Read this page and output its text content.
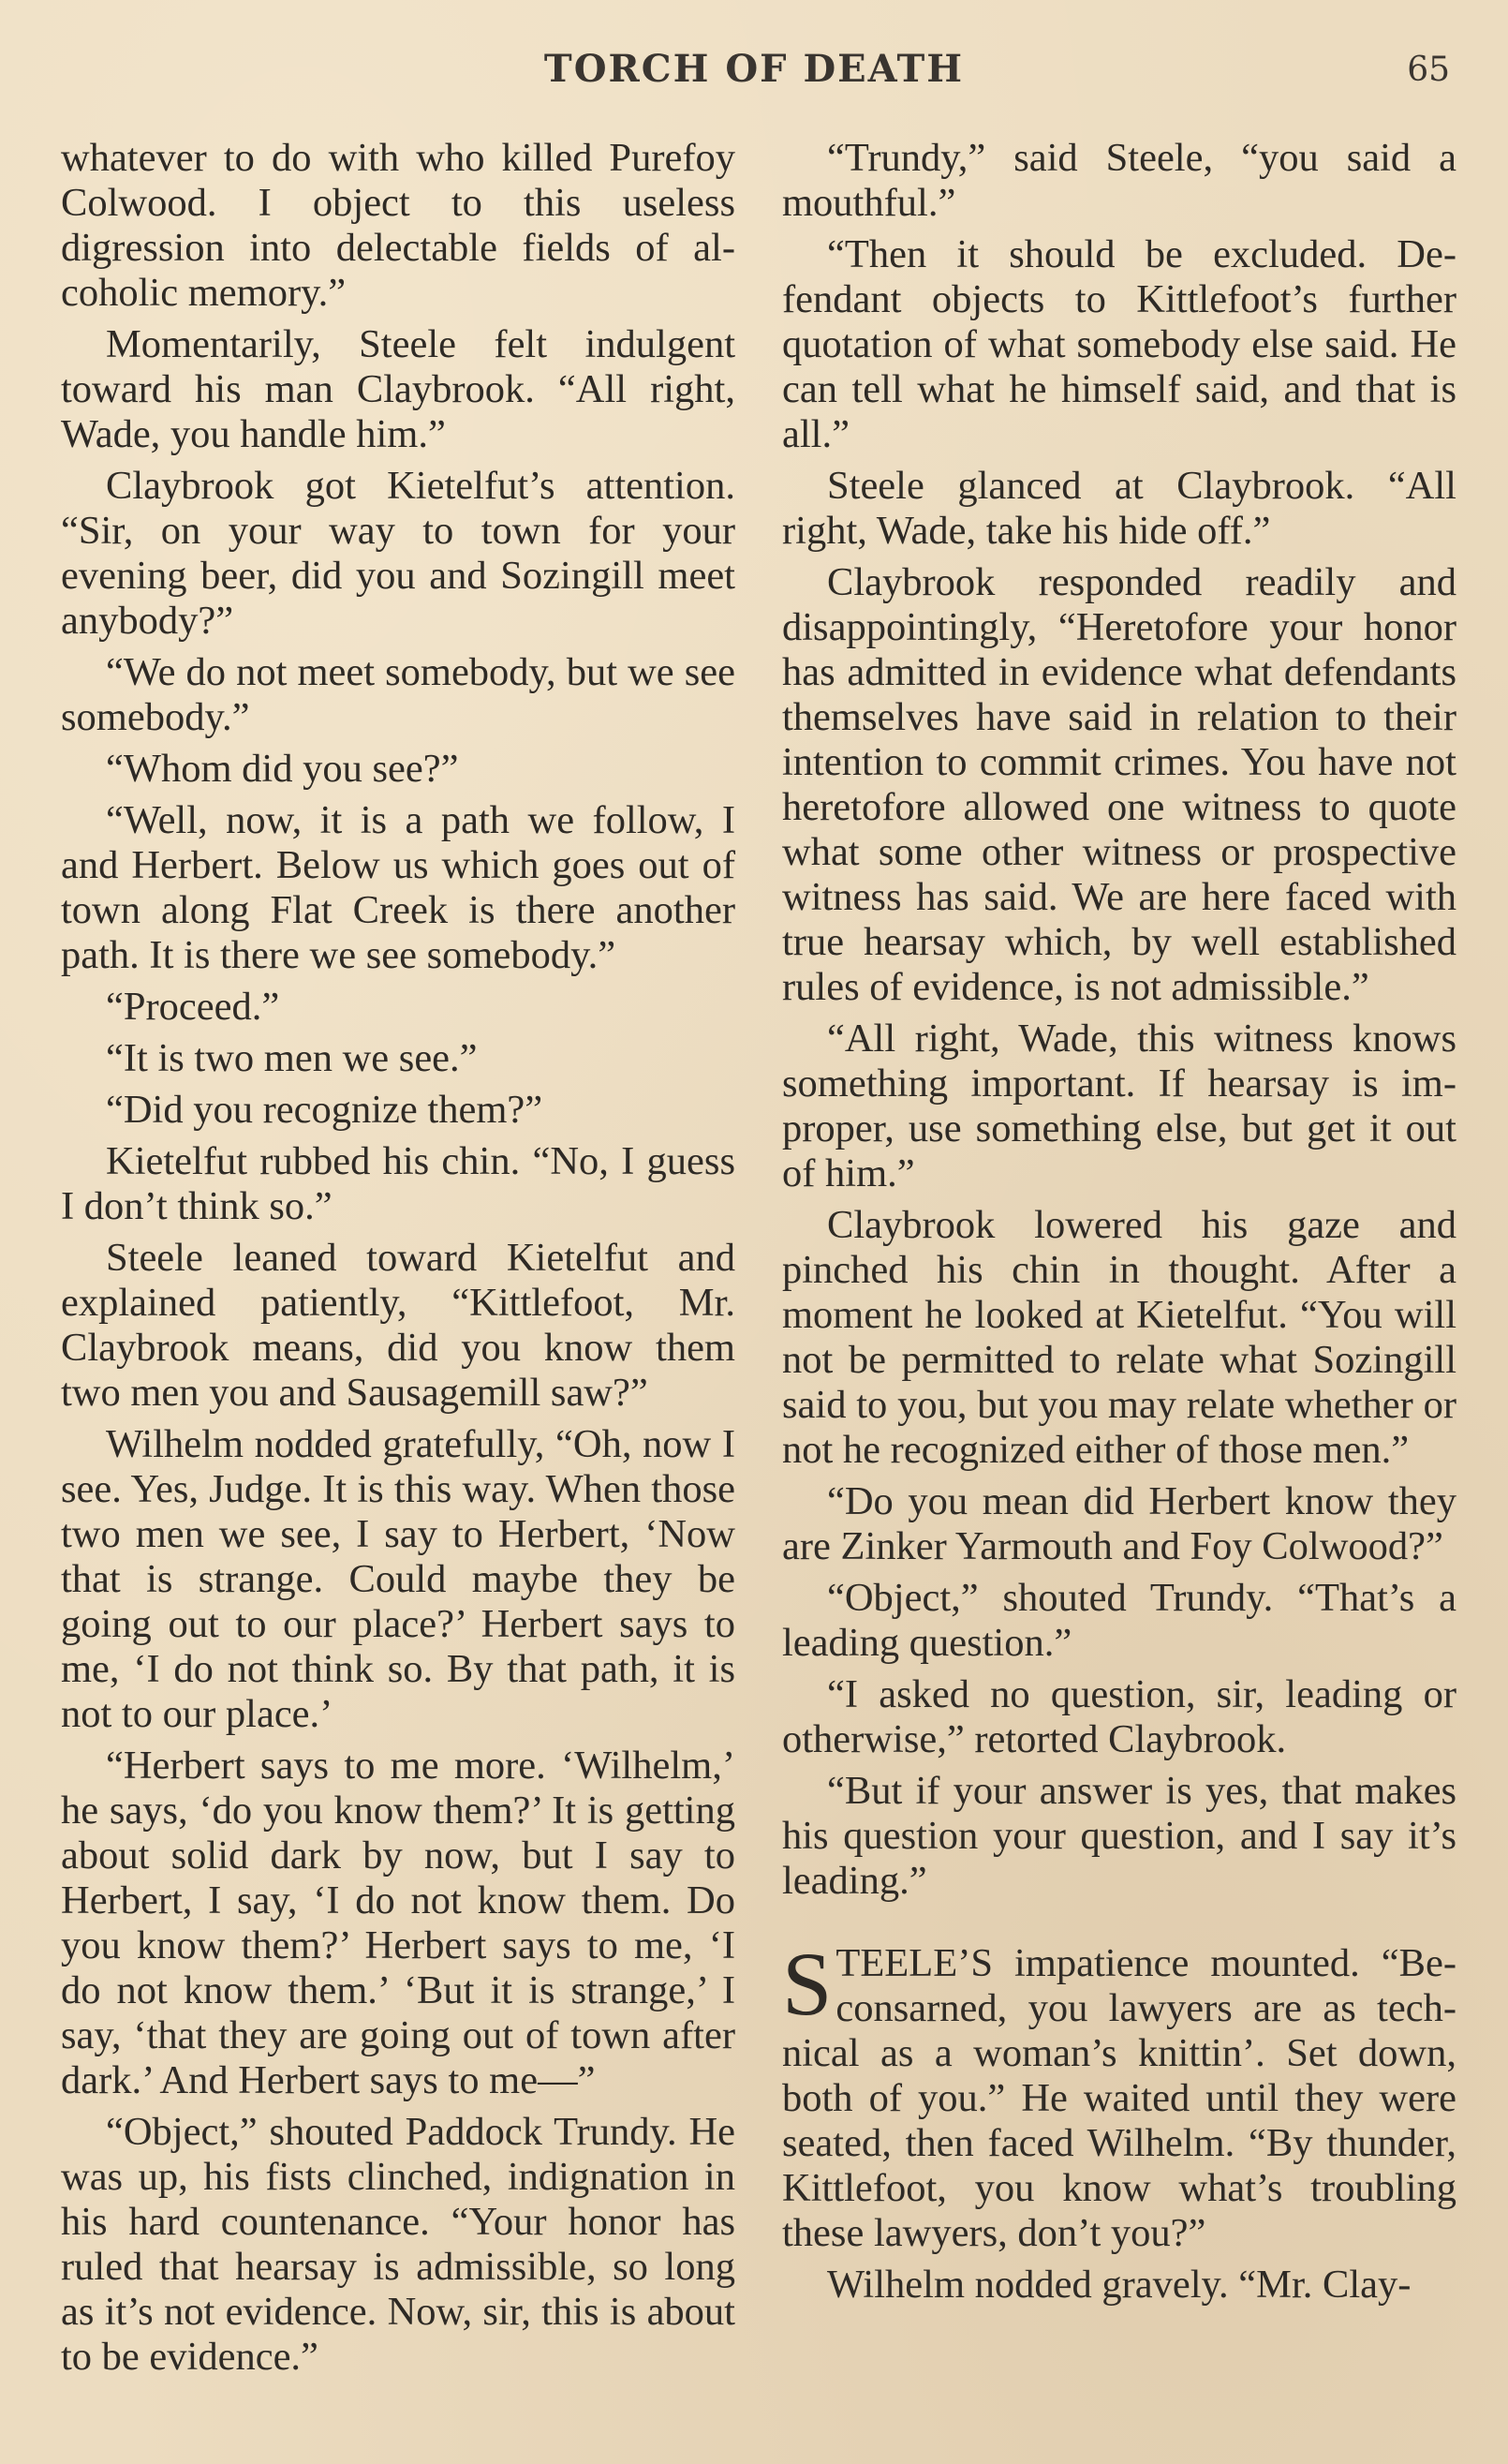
TORCH OF DEATH	65

whatever to do with who killed Purefoy Colwood. I object to this useless digression into delectable fields of alcoholic memory.”

Momentarily, Steele felt indulgent toward his man Claybrook. “All right, Wade, you handle him.”

Claybrook got Kietelfut’s attention. “Sir, on your way to town for your evening beer, did you and Sozingill meet anybody?”

“We do not meet somebody, but we see somebody.”

“Whom did you see?”

“Well, now, it is a path we follow, I and Herbert. Below us which goes out of town along Flat Creek is there another path. It is there we see somebody.”

“Proceed.”

“It is two men we see.”

“Did you recognize them?”

Kietelfut rubbed his chin. “No, I guess I don’t think so.”

Steele leaned toward Kietelfut and explained patiently, “Kittlefoot, Mr. Claybrook means, did you know them two men you and Sausagemill saw?”

Wilhelm nodded gratefully, “Oh, now I see. Yes, Judge. It is this way. When those two men we see, I say to Herbert, ‘Now that is strange. Could maybe they be going out to our place?’ Herbert says to me, ‘I do not think so. By that path, it is not to our place.’

“Herbert says to me more. ‘Wilhelm,’ he says, ‘do you know them?’ It is getting about solid dark by now, but I say to Herbert, I say, ‘I do not know them. Do you know them?’ Herbert says to me, ‘I do not know them.’ ‘But it is strange,’ I say, ‘that they are going out of town after dark.’ And Herbert says to me—”

“Object,” shouted Paddock Trundy. He was up, his fists clinched, indignation in his hard countenance. “Your honor has ruled that hearsay is admissible, so long as it’s not evidence. Now, sir, this is about to be evidence.”

“Trundy,” said Steele, “you said a mouthful.”

“Then it should be excluded. Defendant objects to Kittlefoot’s further quotation of what somebody else said. He can tell what he himself said, and that is all.”

Steele glanced at Claybrook. “All right, Wade, take his hide off.”

Claybrook responded readily and disappointingly, “Heretofore your honor has admitted in evidence what defendants themselves have said in relation to their intention to commit crimes. You have not heretofore allowed one witness to quote what some other witness or prospective witness has said. We are here faced with true hearsay which, by well established rules of evidence, is not admissible.”

“All right, Wade, this witness knows something important. If hearsay is improper, use something else, but get it out of him.”

Claybrook lowered his gaze and pinched his chin in thought. After a moment he looked at Kietelfut. “You will not be permitted to relate what Sozingill said to you, but you may relate whether or not he recognized either of those men.”

“Do you mean did Herbert know they are Zinker Yarmouth and Foy Colwood?”

“Object,” shouted Trundy. “That’s a leading question.”

“I asked no question, sir, leading or otherwise,” retorted Claybrook.

“But if your answer is yes, that makes his question your question, and I say it’s leading.”

STEELE’S impatience mounted. “Beconsarned, you lawyers are as technical as a woman’s knittin’. Set down, both of you.” He waited until they were seated, then faced Wilhelm. “By thunder, Kittlefoot, you know what’s troubling these lawyers, don’t you?”

Wilhelm nodded gravely. “Mr. Clay-
